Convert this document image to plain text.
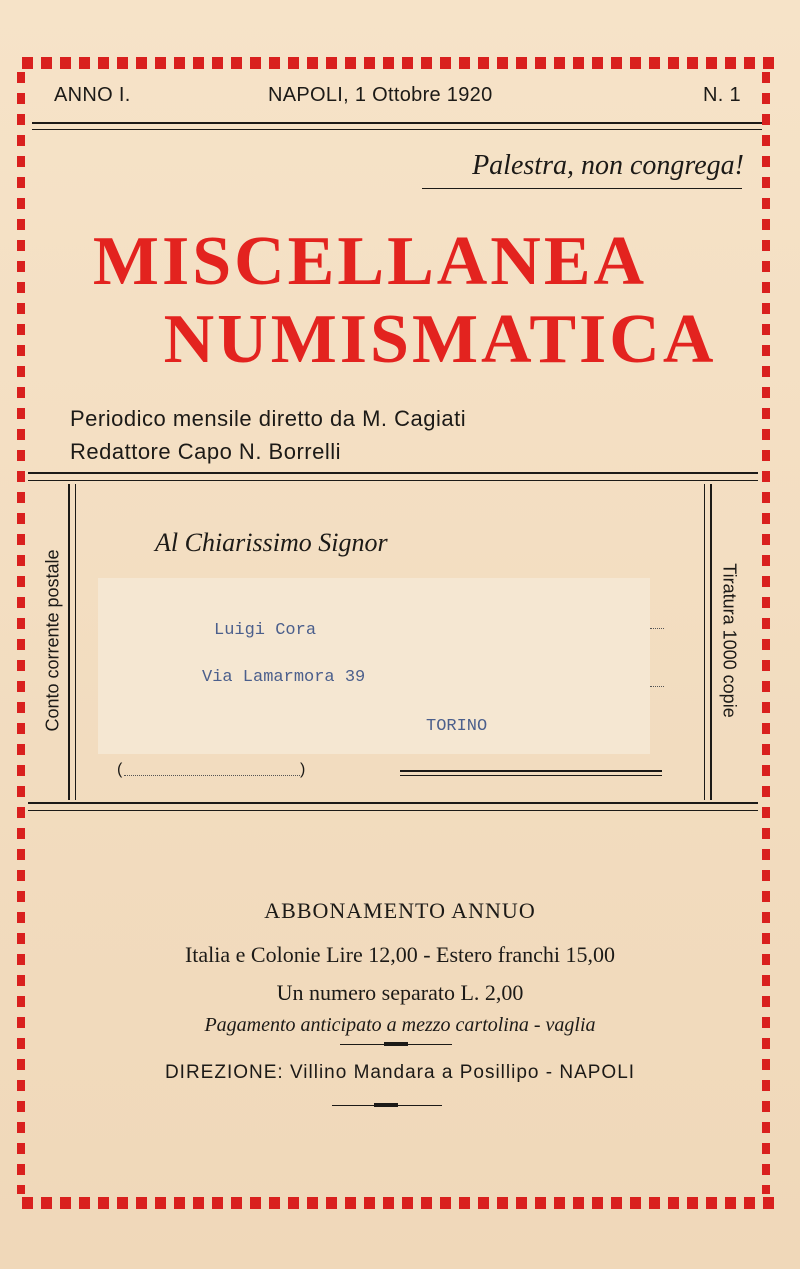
ANNO I.	NAPOLI, 1 Ottobre 1920	N. 1
Palestra, non congrega!
MISCELLANEA
NUMISMATICA
Periodico mensile diretto da M. Cagiati
Redattore Capo N. Borrelli
Conto corrente postale	Tiratura 1000 copie
Al Chiarissimo Signor
Luigi Cora
Via Lamarmora 39
TORINO
(	)
ABBONAMENTO ANNUO
Italia e Colonie Lire 12,00 - Estero franchi 15,00
Un numero separato L. 2,00
Pagamento anticipato a mezzo cartolina - vaglia
DIREZIONE: Villino Mandara a Posillipo - NAPOLI
